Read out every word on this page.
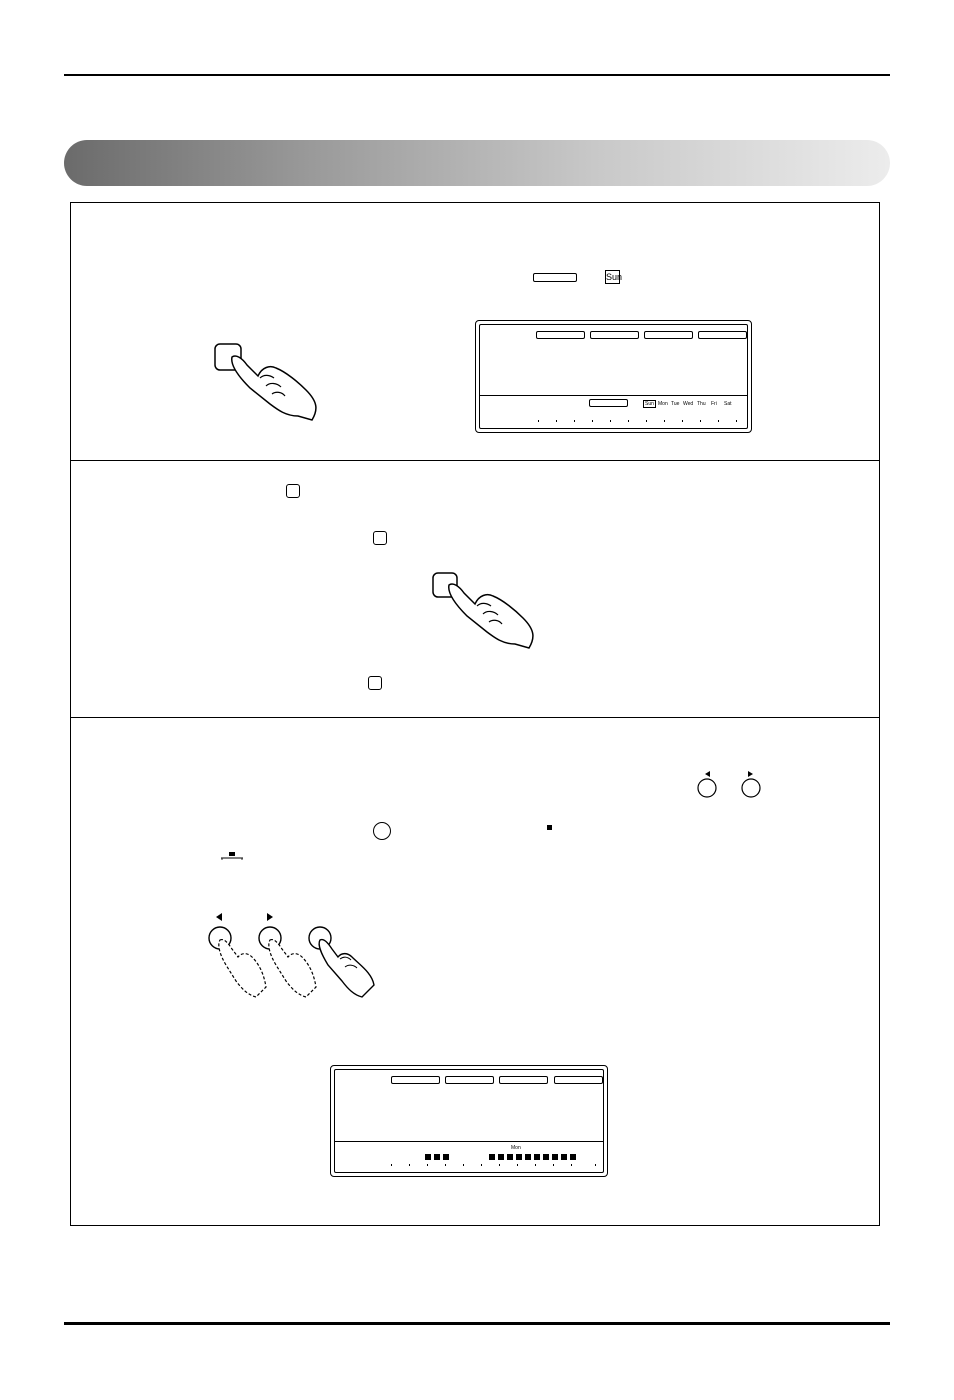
Sun
Sun Mon Tue Wed Thu Fri Sat
Mon
